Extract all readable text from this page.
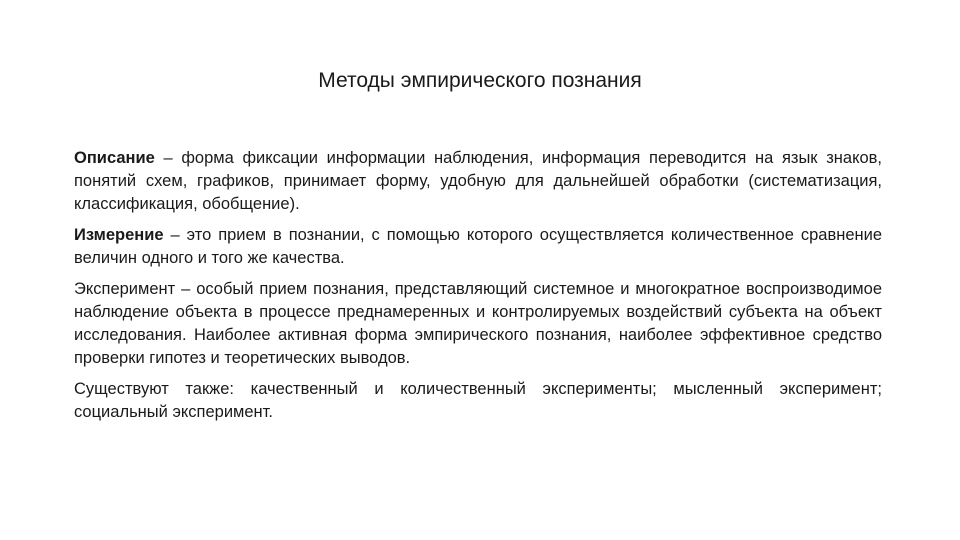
Методы эмпирического познания

Описание – форма фиксации информации наблюдения, информация переводится на язык знаков, понятий схем, графиков, принимает форму, удобную для дальнейшей обработки (систематизация, классификация, обобщение).

Измерение – это прием в познании, с помощью которого осуществляется количественное сравнение величин одного и того же качества.

Эксперимент – особый прием познания, представляющий системное и многократное воспроизводимое наблюдение объекта в процессе преднамеренных и контролируемых воздействий субъекта на объект исследования. Наиболее активная форма эмпирического познания, наиболее эффективное средство проверки гипотез и теоретических выводов.

Существуют также: качественный и количественный эксперименты; мысленный эксперимент; социальный эксперимент.
